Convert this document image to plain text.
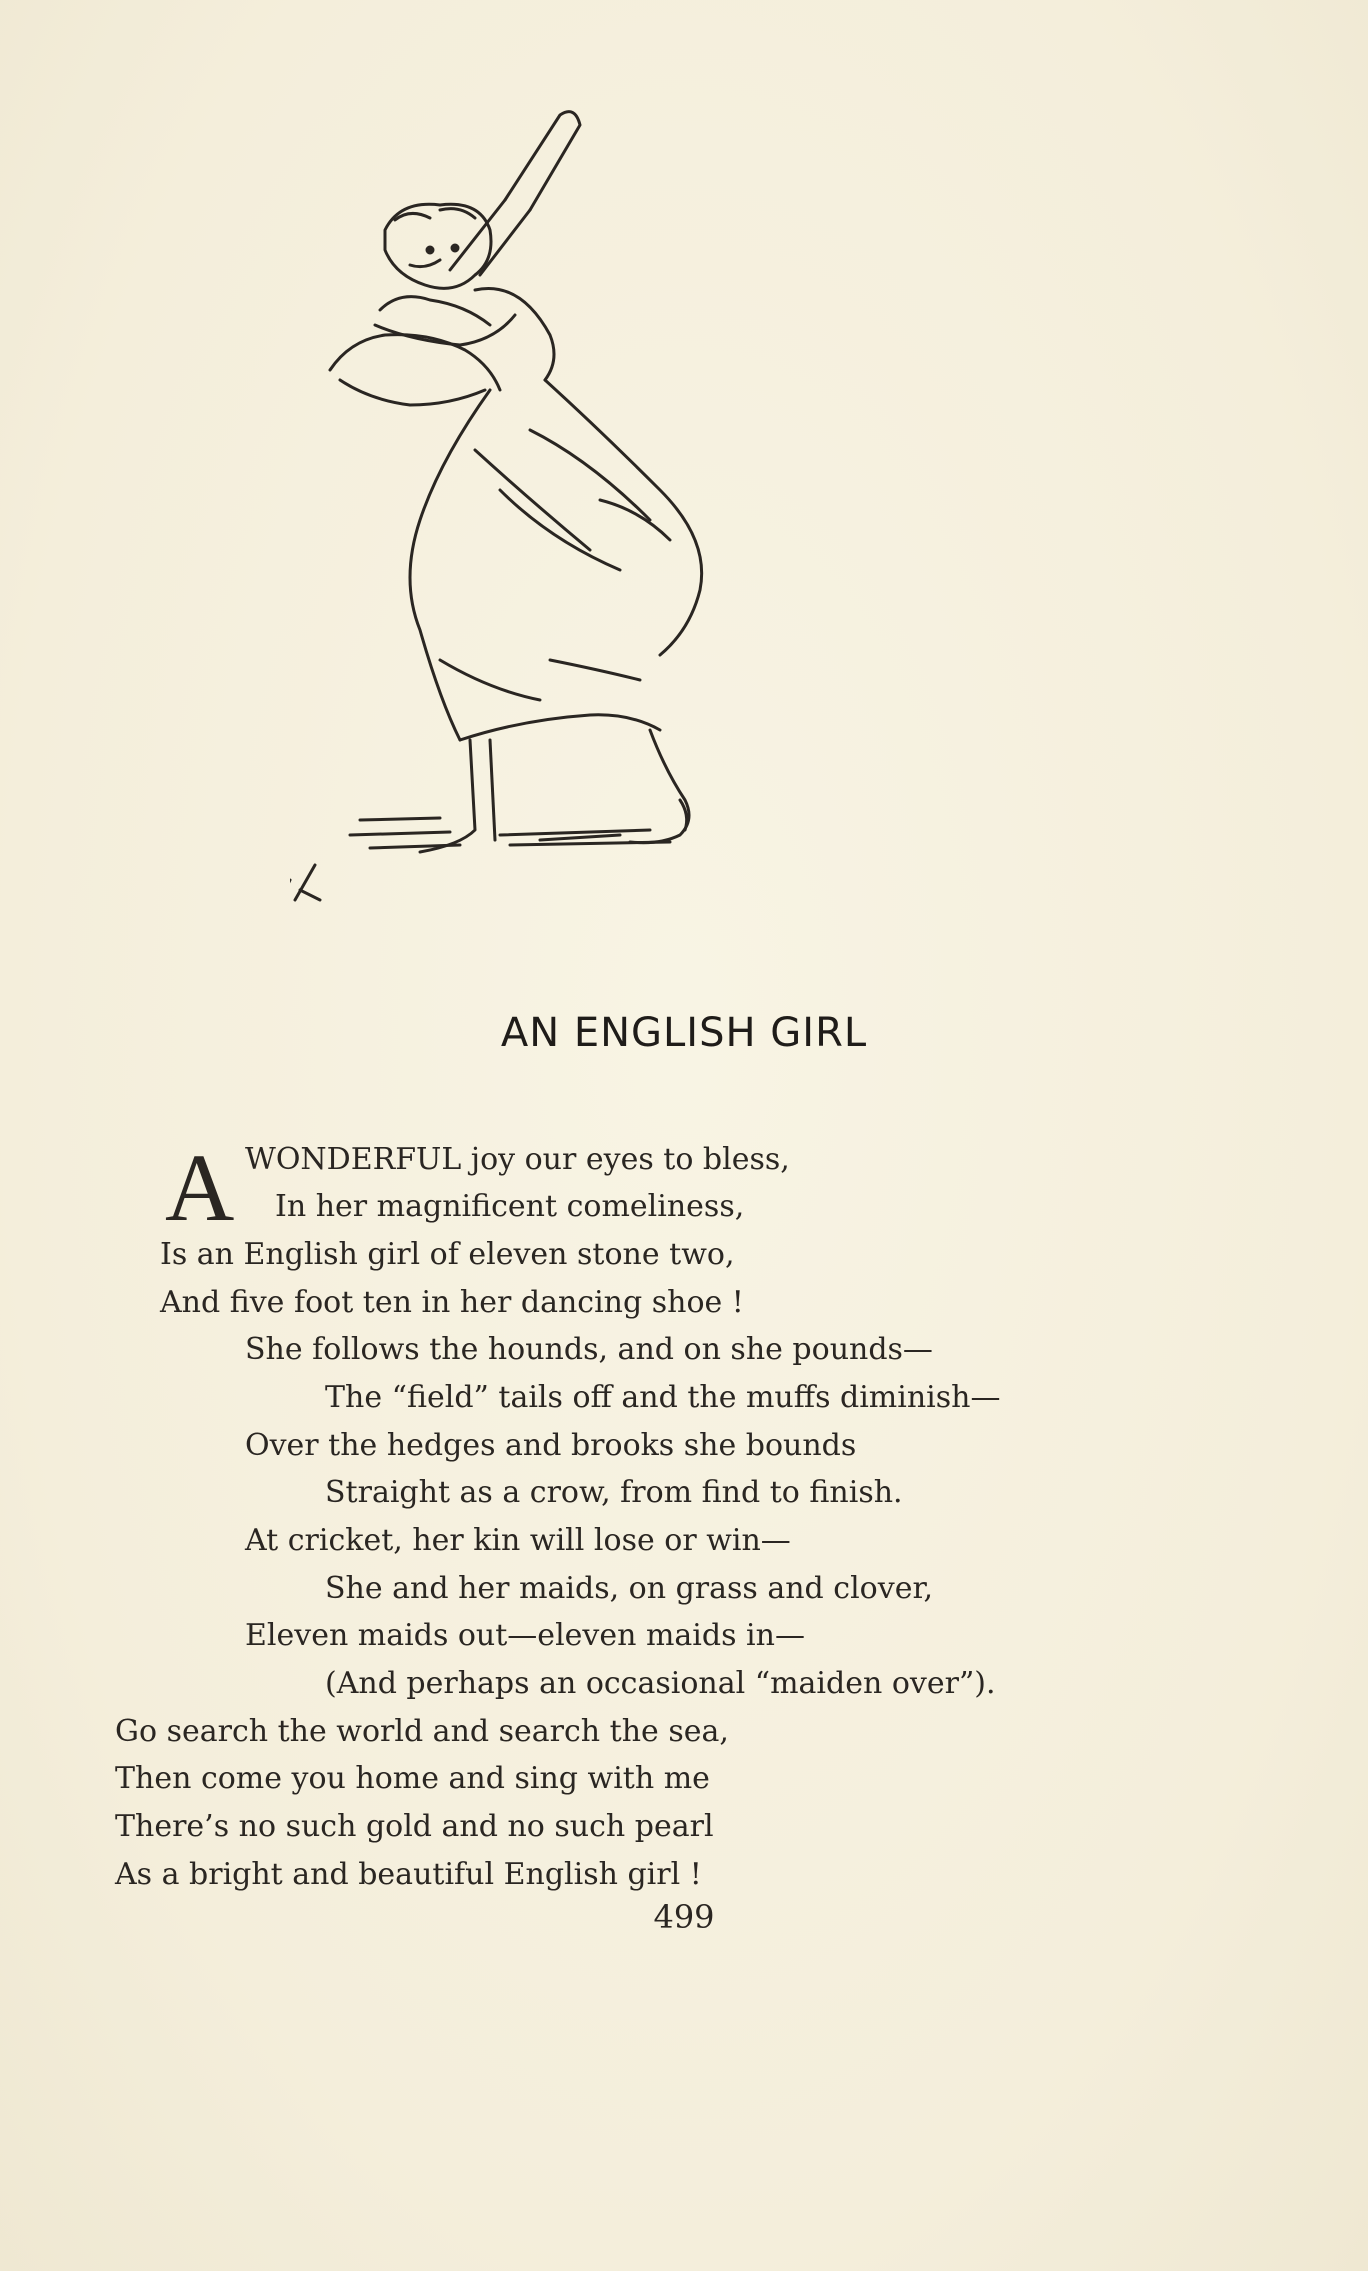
AN ENGLISH GIRL
A WONDERFUL joy our eyes to bless,
In her magnificent comeliness,
Is an English girl of eleven stone two,
And five foot ten in her dancing shoe !
She follows the hounds, and on she pounds—
The “field” tails off and the muffs diminish—
Over the hedges and brooks she bounds
Straight as a crow, from find to finish.
At cricket, her kin will lose or win—
She and her maids, on grass and clover,
Eleven maids out—eleven maids in—
(And perhaps an occasional “maiden over”).
Go search the world and search the sea,
Then come you home and sing with me
There’s no such gold and no such pearl
As a bright and beautiful English girl !
499
